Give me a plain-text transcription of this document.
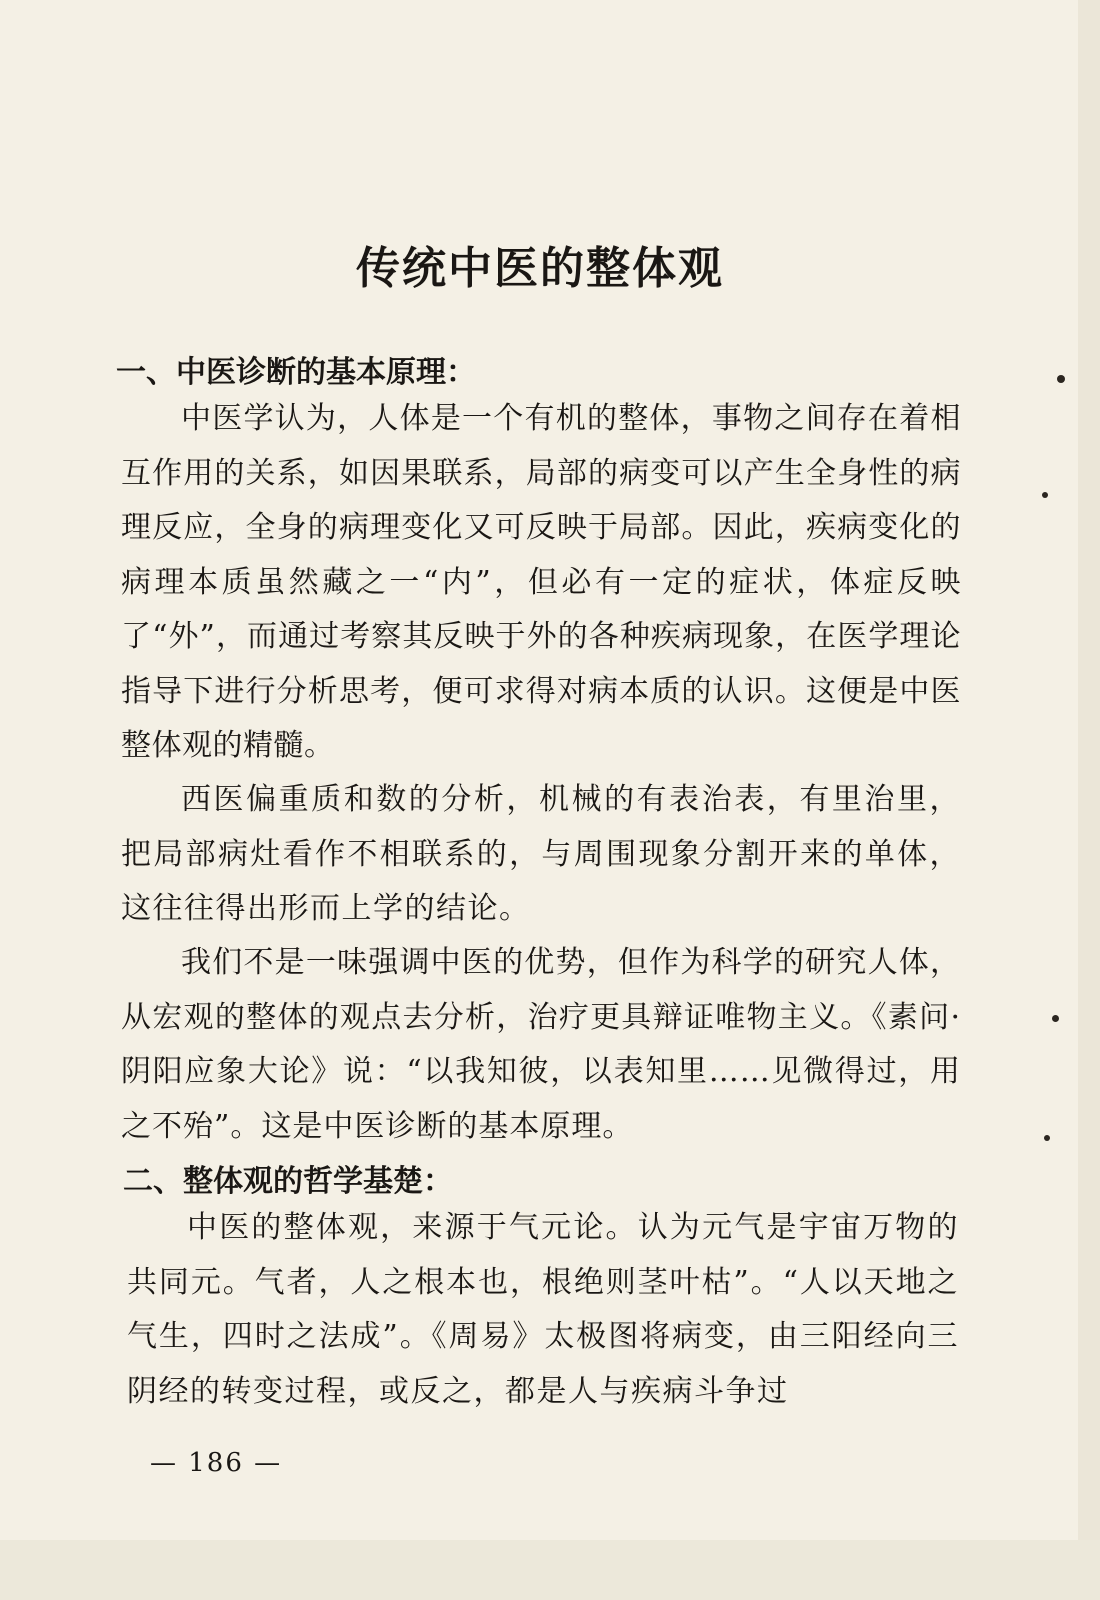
传统中医的整体观
一、中医诊断的基本原理：

中医学认为，人体是一个有机的整体，事物之间存在着相互作用的关系，如因果联系，局部的病变可以产生全身性的病理反应，全身的病理变化又可反映于局部。因此，疾病变化的病理本质虽然藏之一“内”，但必有一定的症状，体症反映了“外”，而通过考察其反映于外的各种疾病现象，在医学理论指导下进行分析思考，便可求得对病本质的认识。这便是中医整体观的精髓。

西医偏重质和数的分析，机械的有表治表，有里治里，把局部病灶看作不相联系的，与周围现象分割开来的单体，这往往得出形而上学的结论。

我们不是一味强调中医的优势，但作为科学的研究人体，从宏观的整体的观点去分析，治疗更具辩证唯物主义。《素问·阴阳应象大论》说：“以我知彼，以表知里……见微得过，用之不殆”。这是中医诊断的基本原理。

二、整体观的哲学基楚：

中医的整体观，来源于气元论。认为元气是宇宙万物的共同元。气者，人之根本也，根绝则茎叶枯”。“人以天地之气生，四时之法成”。《周易》太极图将病变，由三阳经向三阴经的转变过程，或反之，都是人与疾病斗争过

— 186 —
